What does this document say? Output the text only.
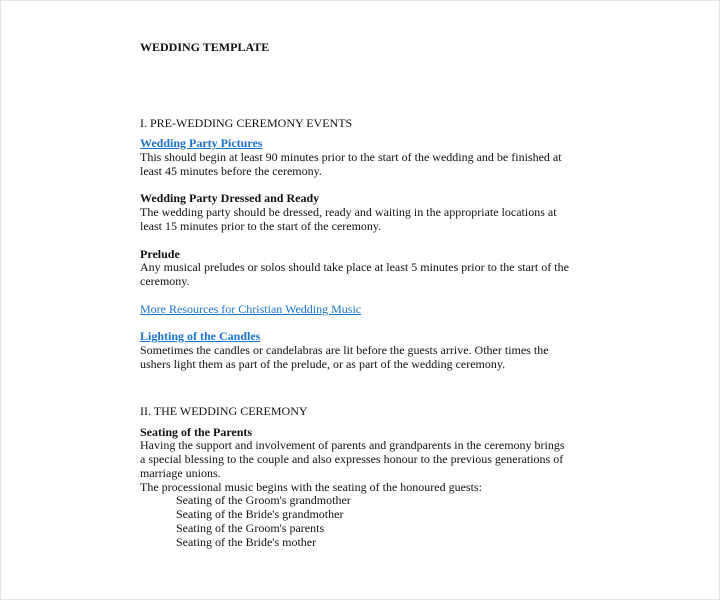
WEDDING TEMPLATE
I. PRE-WEDDING CEREMONY EVENTS
Wedding Party Pictures
This should begin at least 90 minutes prior to the start of the wedding and be finished at
least 45 minutes before the ceremony.
Wedding Party Dressed and Ready
The wedding party should be dressed, ready and waiting in the appropriate locations at
least 15 minutes prior to the start of the ceremony.
Prelude
Any musical preludes or solos should take place at least 5 minutes prior to the start of the
ceremony.
More Resources for Christian Wedding Music
Lighting of the Candles
Sometimes the candles or candelabras are lit before the guests arrive. Other times the
ushers light them as part of the prelude, or as part of the wedding ceremony.
II. THE WEDDING CEREMONY
Seating of the Parents
Having the support and involvement of parents and grandparents in the ceremony brings
a special blessing to the couple and also expresses honour to the previous generations of
marriage unions.
The processional music begins with the seating of the honoured guests:
Seating of the Groom's grandmother
Seating of the Bride's grandmother
Seating of the Groom's parents
Seating of the Bride's mother
